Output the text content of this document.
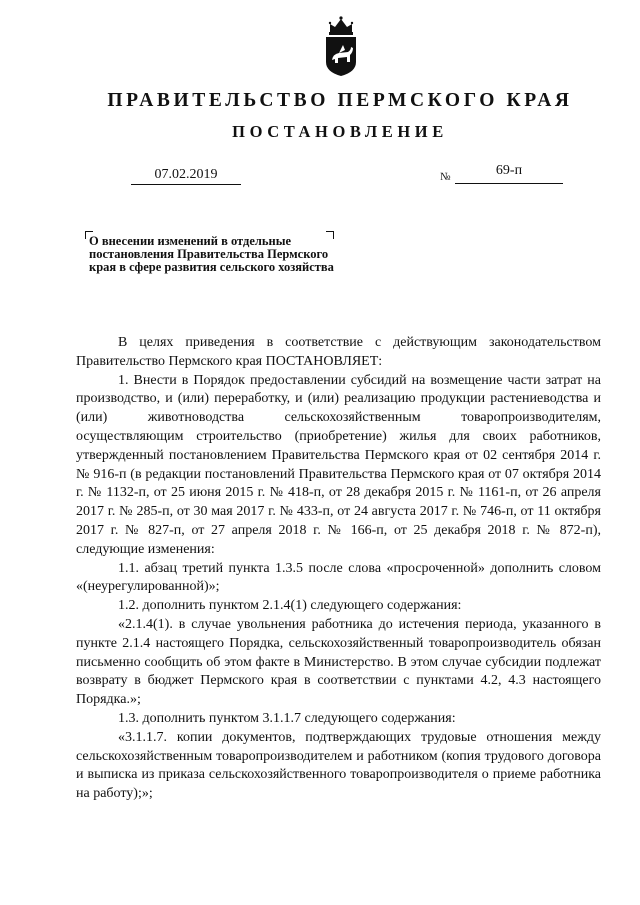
ПРАВИТЕЛЬСТВО ПЕРМСКОГО КРАЯ
ПОСТАНОВЛЕНИЕ
07.02.2019	№	69-п
О внесении изменений в отдельные постановления Правительства Пермского края в сфере развития сельского хозяйства

В целях приведения в соответствие с действующим законодательством Правительство Пермского края ПОСТАНОВЛЯЕТ:

1. Внести в Порядок предоставлении субсидий на возмещение части затрат на производство, и (или) переработку, и (или) реализацию продукции растениеводства и (или) животноводства сельскохозяйственным товаропроизводителям, осуществляющим строительство (приобретение) жилья для своих работников, утвержденный постановлением Правительства Пермского края от 02 сентября 2014 г. № 916-п (в редакции постановлений Правительства Пермского края от 07 октября 2014 г. № 1132-п, от 25 июня 2015 г. № 418-п, от 28 декабря 2015 г. № 1161-п, от 26 апреля 2017 г. № 285-п, от 30 мая 2017 г. № 433-п, от 24 августа 2017 г. № 746-п, от 11 октября 2017 г. № 827-п, от 27 апреля 2018 г. № 166-п, от 25 декабря 2018 г. № 872-п), следующие изменения:

1.1. абзац третий пункта 1.3.5 после слова «просроченной» дополнить словом «(неурегулированной)»;

1.2. дополнить пунктом 2.1.4(1) следующего содержания:

«2.1.4(1). в случае увольнения работника до истечения периода, указанного в пункте 2.1.4 настоящего Порядка, сельскохозяйственный товаропроизводитель обязан письменно сообщить об этом факте в Министерство. В этом случае субсидии подлежат возврату в бюджет Пермского края в соответствии с пунктами 4.2, 4.3 настоящего Порядка.»;

1.3. дополнить пунктом 3.1.1.7 следующего содержания:

«3.1.1.7. копии документов, подтверждающих трудовые отношения между сельскохозяйственным товаропроизводителем и работником (копия трудового договора и выписка из приказа сельскохозяйственного товаропроизводителя о приеме работника на работу);»;
